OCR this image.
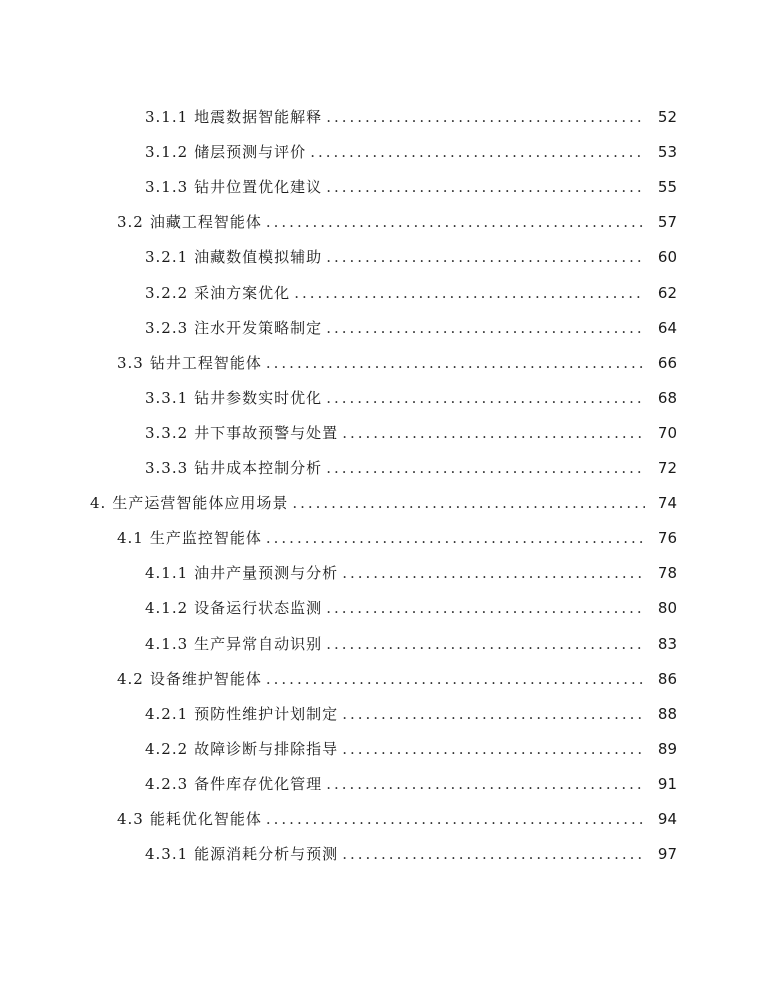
3.1.1 地震数据智能解释 .....	52
3.1.2 储层预测与评价 .....	53
3.1.3 钻井位置优化建议 .....	55
3.2 油藏工程智能体 .....	57
3.2.1 油藏数值模拟辅助 .....	60
3.2.2 采油方案优化 .....	62
3.2.3 注水开发策略制定 .....	64
3.3 钻井工程智能体 .....	66
3.3.1 钻井参数实时优化 .....	68
3.3.2 井下事故预警与处置 .....	70
3.3.3 钻井成本控制分析 .....	72
4. 生产运营智能体应用场景 .....	74
4.1 生产监控智能体 .....	76
4.1.1 油井产量预测与分析 .....	78
4.1.2 设备运行状态监测 .....	80
4.1.3 生产异常自动识别 .....	83
4.2 设备维护智能体 .....	86
4.2.1 预防性维护计划制定 .....	88
4.2.2 故障诊断与排除指导 .....	89
4.2.3 备件库存优化管理 .....	91
4.3 能耗优化智能体 .....	94
4.3.1 能源消耗分析与预测 .....	97
